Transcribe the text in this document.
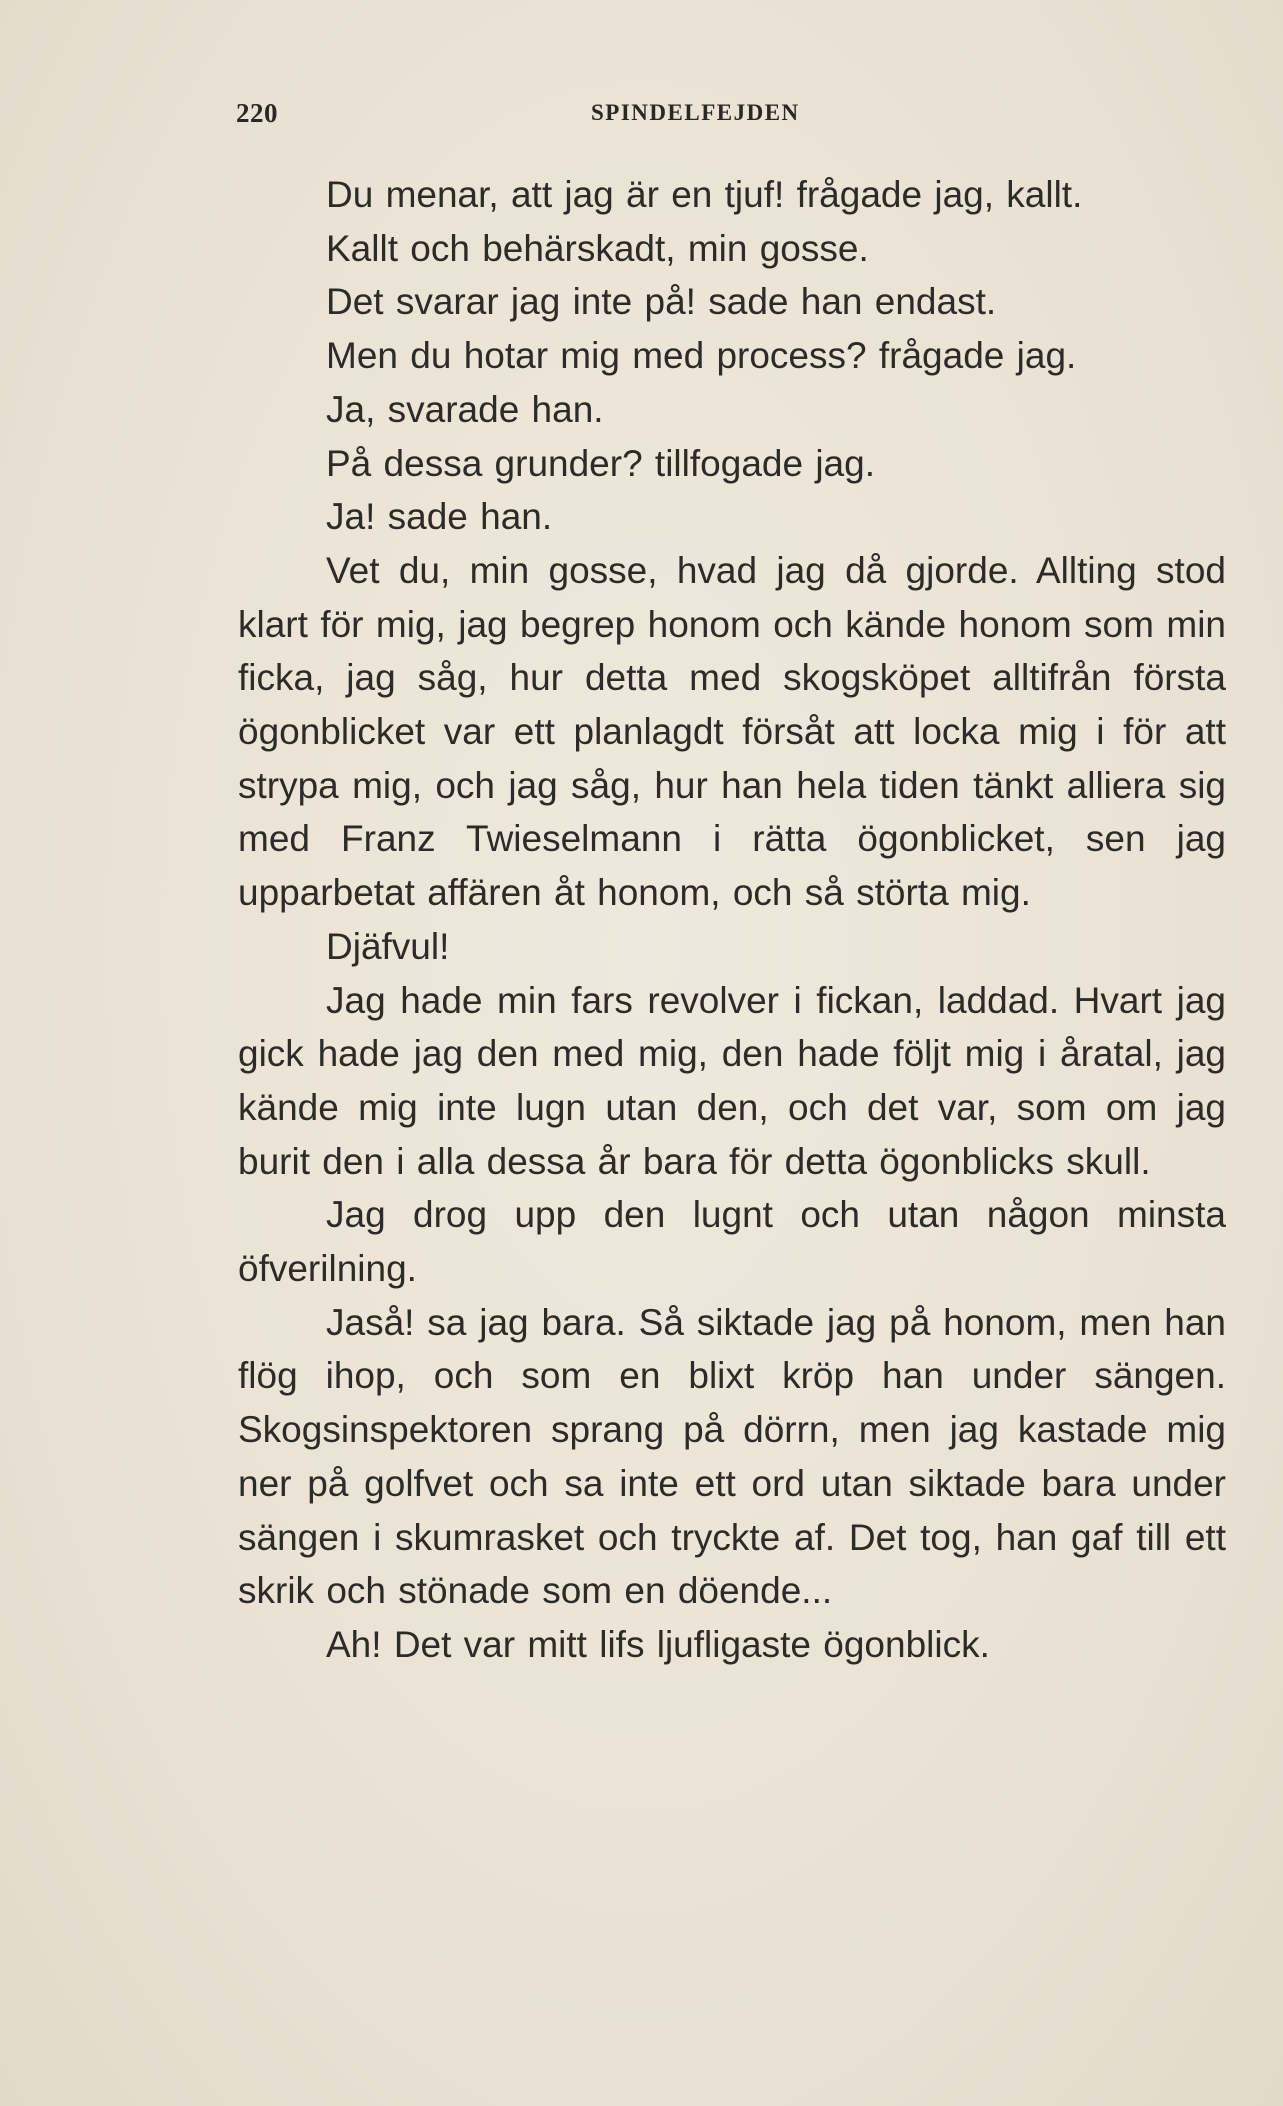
220	SPINDELFEJDEN

Du menar, att jag är en tjuf! frågade jag, kallt.

Kallt och behärskadt, min gosse.

Det svarar jag inte på! sade han endast.

Men du hotar mig med process? frågade jag.

Ja, svarade han.

På dessa grunder? tillfogade jag.

Ja! sade han.

Vet du, min gosse, hvad jag då gjorde. Allting stod klart för mig, jag begrep honom och kände honom som min ficka, jag såg, hur detta med skogsköpet alltifrån första ögonblicket var ett planlagdt försåt att locka mig i för att strypa mig, och jag såg, hur han hela tiden tänkt alliera sig med Franz Twieselmann i rätta ögonblicket, sen jag upparbetat affären åt honom, och så störta mig.

Djäfvul!

Jag hade min fars revolver i fickan, laddad. Hvart jag gick hade jag den med mig, den hade följt mig i åratal, jag kände mig inte lugn utan den, och det var, som om jag burit den i alla dessa år bara för detta ögonblicks skull.

Jag drog upp den lugnt och utan någon minsta öfverilning.

Jaså! sa jag bara. Så siktade jag på honom, men han flög ihop, och som en blixt kröp han under sängen. Skogsinspektoren sprang på dörrn, men jag kastade mig ner på golfvet och sa inte ett ord utan siktade bara under sängen i skumrasket och tryckte af. Det tog, han gaf till ett skrik och stönade som en döende...

Ah! Det var mitt lifs ljufligaste ögonblick.
